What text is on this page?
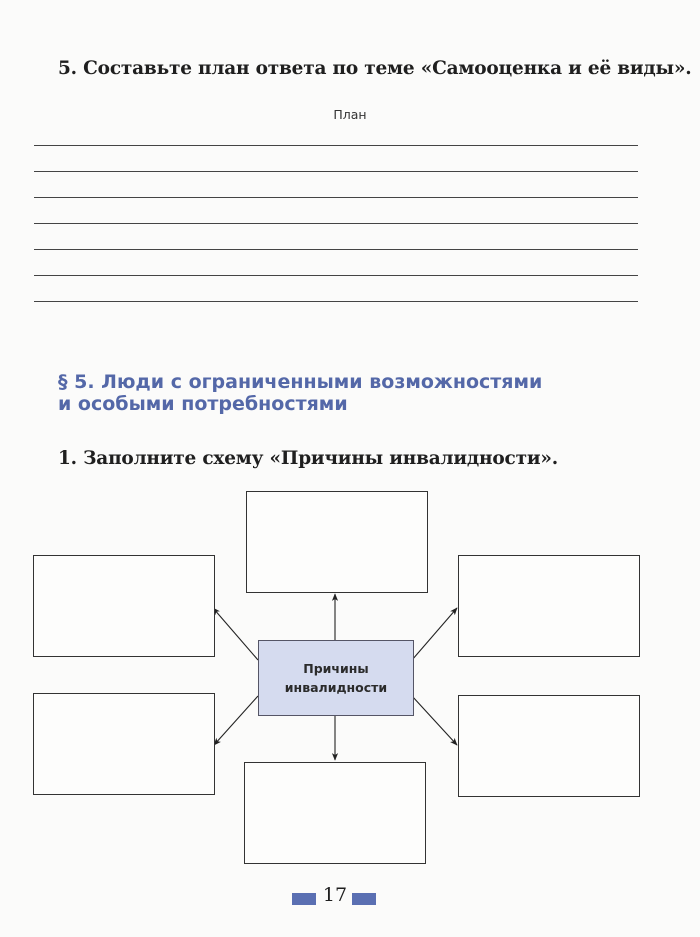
5. Составьте план ответа по теме «Самооценка и её виды».
План
§ 5. Люди с ограниченными возможностями
и особыми потребностями
1. Заполните схему «Причины инвалидности».
Причины
инвалидности
17
